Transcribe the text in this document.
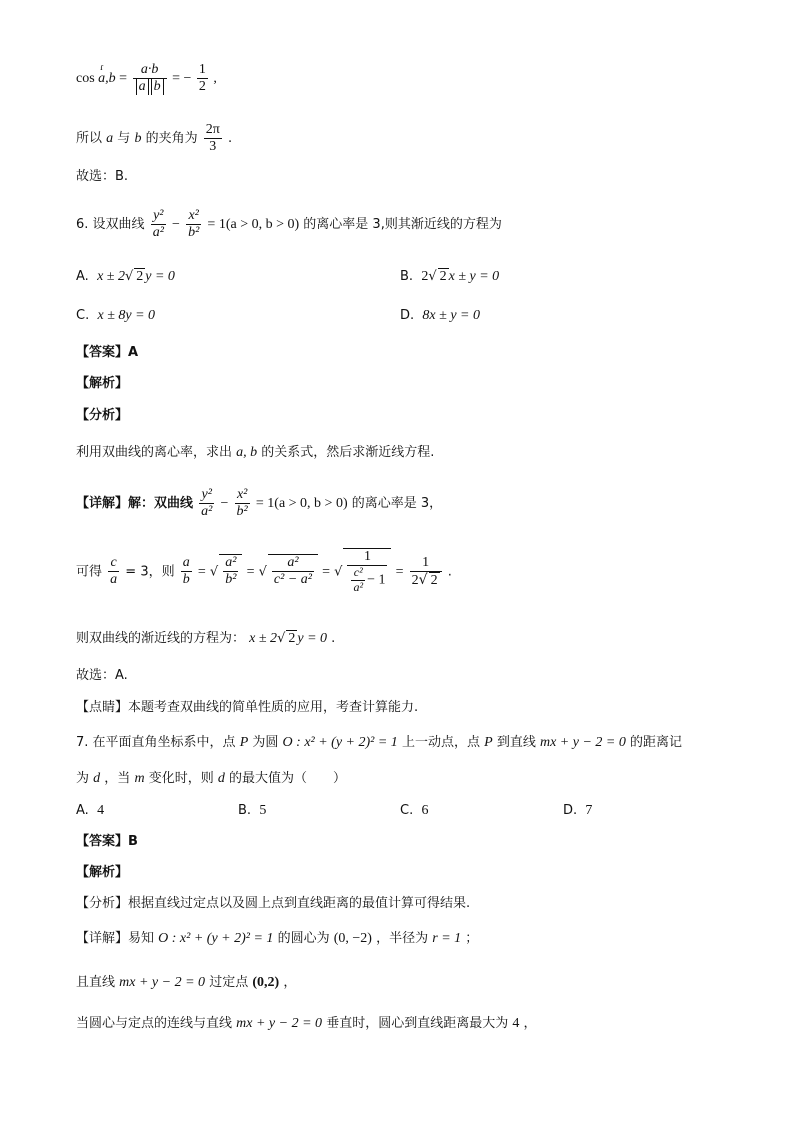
cos ɾ $a,b = \frac{a\cdot b}{\text{a b}}$ = − $\frac{1}{2}$ ,
所以 a 与 b 的夹角为 $\frac{2\pi}{3}$ .
故选：B.
6. 设双曲线 $\frac{\text{y²}}{\text{a²}} - \frac{\text{x²}}{\text{b²}} = 1(a > 0$, b > 0) 的离心率是 3,则其渐近线的方程为
A. x ± 2√ 2 y = 0	B. 2√ 2 x ± y = 0
C. x ± 8y = 0	D. 8x ± y = 0
【答案】A
【解析】
【分析】
利用双曲线的离心率，求出 a, b 的关系式，然后求渐近线方程.
【详解】解：双曲线 $\frac{\text{y²}}{\text{a²}} - \frac{\text{x²}}{\text{b²}} = 1(a > 0$, b > 0) 的离心率是 3，
可得 $\frac{c}{a} = 3$，则 $\frac{a}{b}$ = √ $\frac{\text{a²}}{\text{b²}}$ = √ $\frac{\text{a²}}{\text{c² − a²}}$ = √ $\frac{1}{\frac{\text{c²}}{\text{a²}} - 1} = \frac{1}{2√ 2}$ .
则双曲线的渐近线的方程为： x ± 2√ 2 y = 0 .
故选：A.
【点睛】本题考查双曲线的简单性质的应用，考查计算能力.
7. 在平面直角坐标系中，点 P 为圆 O : x² + (y + 2)² = 1 上一动点，点 P 到直线 mx + y − 2 = 0 的距离记
为 d ，当 m 变化时，则 d 的最大值为（　　）
A. 4	B. 5	C. 6	D. 7
【答案】B
【解析】
【分析】根据直线过定点以及圆上点到直线距离的最值计算可得结果.
【详解】易知 O : x² + (y + 2)² = 1 的圆心为 (0, −2) ，半径为 r = 1 ；
且直线 mx + y − 2 = 0 过定点 (0,2) ，
当圆心与定点的连线与直线 mx + y − 2 = 0 垂直时，圆心到直线距离最大为 4 ，
